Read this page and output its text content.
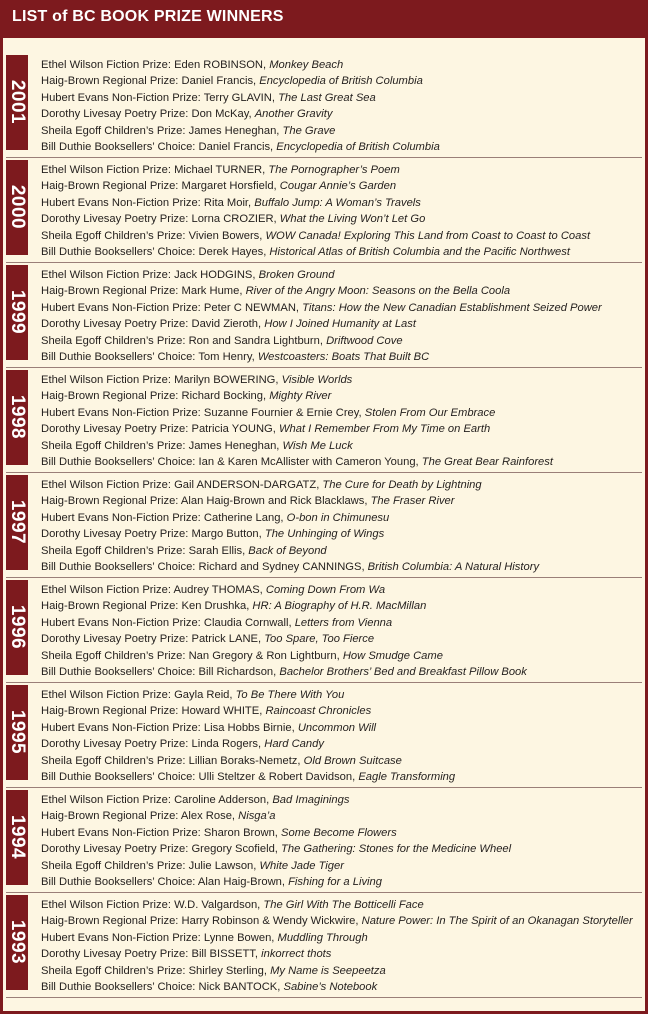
LIST of BC BOOK PRIZE WINNERS
2001
Ethel Wilson Fiction Prize: Eden ROBINSON, Monkey Beach
Haig-Brown Regional Prize: Daniel Francis, Encyclopedia of British Columbia
Hubert Evans Non-Fiction Prize: Terry GLAVIN, The Last Great Sea
Dorothy Livesay Poetry Prize: Don McKay, Another Gravity
Sheila Egoff Children’s Prize: James Heneghan, The Grave
Bill Duthie Booksellers’ Choice: Daniel Francis, Encyclopedia of British Columbia
2000
Ethel Wilson Fiction Prize: Michael TURNER, The Pornographer’s Poem
Haig-Brown Regional Prize: Margaret Horsfield, Cougar Annie’s Garden
Hubert Evans Non-Fiction Prize: Rita Moir, Buffalo Jump: A Woman’s Travels
Dorothy Livesay Poetry Prize: Lorna CROZIER, What the Living Won’t Let Go
Sheila Egoff Children’s Prize: Vivien Bowers, WOW Canada! Exploring This Land from Coast to Coast to Coast
Bill Duthie Booksellers’ Choice: Derek Hayes, Historical Atlas of British Columbia and the Pacific Northwest
1999
Ethel Wilson Fiction Prize: Jack HODGINS, Broken Ground
Haig-Brown Regional Prize: Mark Hume, River of the Angry Moon: Seasons on the Bella Coola
Hubert Evans Non-Fiction Prize: Peter C NEWMAN, Titans: How the New Canadian Establishment Seized Power
Dorothy Livesay Poetry Prize: David Zieroth, How I Joined Humanity at Last
Sheila Egoff Children’s Prize: Ron and Sandra Lightburn, Driftwood Cove
Bill Duthie Booksellers’ Choice: Tom Henry, Westcoasters: Boats That Built BC
1998
Ethel Wilson Fiction Prize: Marilyn BOWERING, Visible Worlds
Haig-Brown Regional Prize: Richard Bocking, Mighty River
Hubert Evans Non-Fiction Prize: Suzanne Fournier & Ernie Crey, Stolen From Our Embrace
Dorothy Livesay Poetry Prize: Patricia YOUNG, What I Remember From My Time on Earth
Sheila Egoff Children’s Prize: James Heneghan, Wish Me Luck
Bill Duthie Booksellers’ Choice: Ian & Karen McAllister with Cameron Young, The Great Bear Rainforest
1997
Ethel Wilson Fiction Prize: Gail ANDERSON-DARGATZ, The Cure for Death by Lightning
Haig-Brown Regional Prize: Alan Haig-Brown and Rick Blacklaws, The Fraser River
Hubert Evans Non-Fiction Prize: Catherine Lang, O-bon in Chimunesu
Dorothy Livesay Poetry Prize: Margo Button, The Unhinging of Wings
Sheila Egoff Children’s Prize: Sarah Ellis, Back of Beyond
Bill Duthie Booksellers’ Choice: Richard and Sydney CANNINGS, British Columbia: A Natural History
1996
Ethel Wilson Fiction Prize: Audrey THOMAS, Coming Down From Wa
Haig-Brown Regional Prize: Ken Drushka, HR: A Biography of H.R. MacMillan
Hubert Evans Non-Fiction Prize: Claudia Cornwall, Letters from Vienna
Dorothy Livesay Poetry Prize: Patrick LANE, Too Spare, Too Fierce
Sheila Egoff Children’s Prize: Nan Gregory & Ron Lightburn, How Smudge Came
Bill Duthie Booksellers’ Choice: Bill Richardson, Bachelor Brothers’ Bed and Breakfast Pillow Book
1995
Ethel Wilson Fiction Prize: Gayla Reid, To Be There With You
Haig-Brown Regional Prize: Howard WHITE, Raincoast Chronicles
Hubert Evans Non-Fiction Prize: Lisa Hobbs Birnie, Uncommon Will
Dorothy Livesay Poetry Prize: Linda Rogers, Hard Candy
Sheila Egoff Children’s Prize: Lillian Boraks-Nemetz, Old Brown Suitcase
Bill Duthie Booksellers’ Choice: Ulli Steltzer & Robert Davidson, Eagle Transforming
1994
Ethel Wilson Fiction Prize: Caroline Adderson, Bad Imaginings
Haig-Brown Regional Prize: Alex Rose, Nisga’a
Hubert Evans Non-Fiction Prize: Sharon Brown, Some Become Flowers
Dorothy Livesay Poetry Prize: Gregory Scofield, The Gathering: Stones for the Medicine Wheel
Sheila Egoff Children’s Prize: Julie Lawson, White Jade Tiger
Bill Duthie Booksellers’ Choice: Alan Haig-Brown, Fishing for a Living
1993
Ethel Wilson Fiction Prize: W.D. Valgardson, The Girl With The Botticelli Face
Haig-Brown Regional Prize: Harry Robinson & Wendy Wickwire, Nature Power: In The Spirit of an Okanagan Storyteller
Hubert Evans Non-Fiction Prize: Lynne Bowen, Muddling Through
Dorothy Livesay Poetry Prize: Bill BISSETT, inkorrect thots
Sheila Egoff Children’s Prize: Shirley Sterling, My Name is Seepeetza
Bill Duthie Booksellers’ Choice: Nick BANTOCK, Sabine’s Notebook
